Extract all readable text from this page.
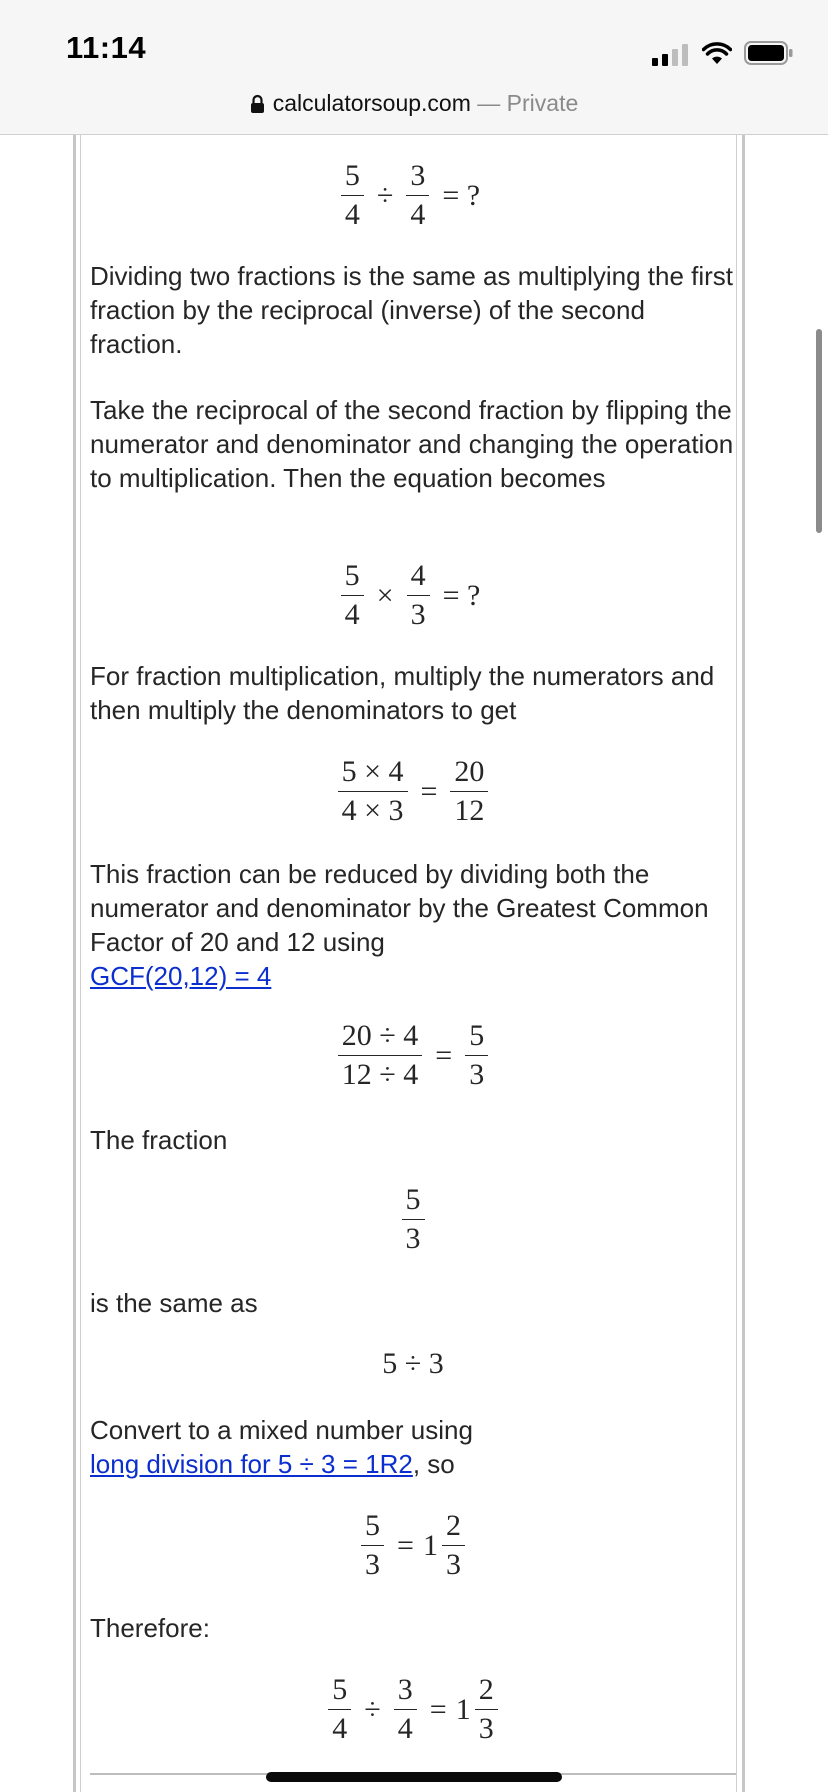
11:14
calculatorsoup.com — Private
$\frac{5}{4} \div \frac{3}{4}$ = ?

Dividing two fractions is the same as multiplying the first fraction by the reciprocal (inverse) of the second fraction.

Take the reciprocal of the second fraction by flipping the numerator and denominator and changing the operation to multiplication. Then the equation becomes

$\frac{5}{4} \times \frac{4}{3}$ = ?

For fraction multiplication, multiply the numerators and then multiply the denominators to get

$\frac{5 \times 4}{4 \times 3} = \frac{20}{12}$

This fraction can be reduced by dividing both the numerator and denominator by the Greatest Common Factor of 20 and 12 using
GCF(20,12) = 4

$\frac{20 \div 4}{12 \div 4} = \frac{5}{3}$

The fraction

$\frac{5}{3}$

is the same as

5 ÷ 3

Convert to a mixed number using
long division for 5 ÷ 3 = 1R2, so

$\frac{5}{3} = 1 \frac{2}{3}$

Therefore:

$\frac{5}{4} \div \frac{3}{4} = 1 \frac{2}{3}$
